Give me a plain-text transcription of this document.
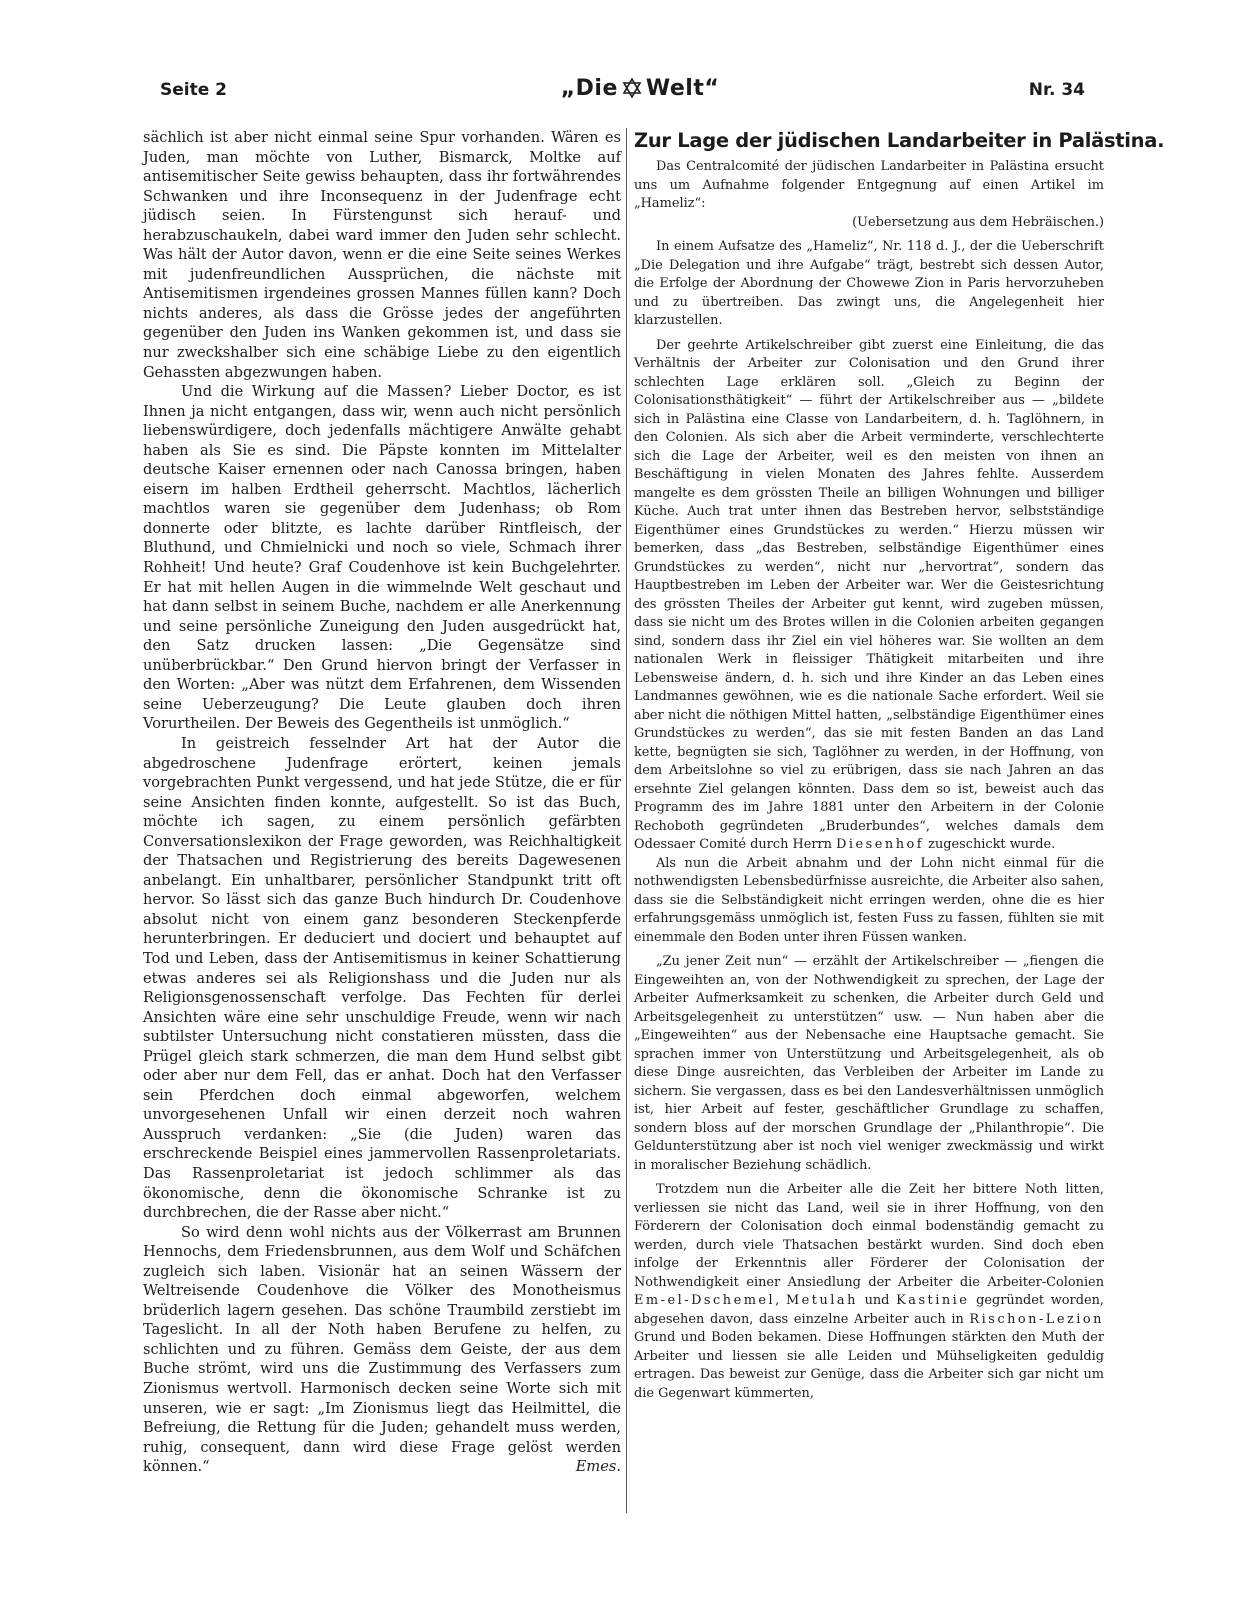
Seite 2	„Die Welt“	Nr. 34

sächlich ist aber nicht einmal seine Spur vorhanden. Wären es Juden, man möchte von Luther, Bismarck, Moltke auf antisemitischer Seite gewiss behaupten, dass ihr fortwährendes Schwanken und ihre Inconsequenz in der Judenfrage echt jüdisch seien. In Fürstengunst sich herauf- und herabzuschaukeln, dabei ward immer den Juden sehr schlecht. Was hält der Autor davon, wenn er die eine Seite seines Werkes mit judenfreundlichen Aussprüchen, die nächste mit Antisemitismen irgendeines grossen Mannes füllen kann? Doch nichts anderes, als dass die Grösse jedes der angeführten gegenüber den Juden ins Wanken gekommen ist, und dass sie nur zweckshalber sich eine schäbige Liebe zu den eigentlich Gehassten abgezwungen haben.

Und die Wirkung auf die Massen? Lieber Doctor, es ist Ihnen ja nicht entgangen, dass wir, wenn auch nicht persönlich liebenswürdigere, doch jedenfalls mächtigere Anwälte gehabt haben als Sie es sind. Die Päpste konnten im Mittelalter deutsche Kaiser ernennen oder nach Canossa bringen, haben eisern im halben Erdtheil geherrscht. Machtlos, lächerlich machtlos waren sie gegenüber dem Judenhass; ob Rom donnerte oder blitzte, es lachte darüber Rintfleisch, der Bluthund, und Chmielnicki und noch so viele, Schmach ihrer Rohheit! Und heute? Graf Coudenhove ist kein Buchgelehrter. Er hat mit hellen Augen in die wimmelnde Welt geschaut und hat dann selbst in seinem Buche, nachdem er alle Anerkennung und seine persönliche Zuneigung den Juden ausgedrückt hat, den Satz drucken lassen: „Die Gegensätze sind unüberbrückbar.“ Den Grund hiervon bringt der Verfasser in den Worten: „Aber was nützt dem Erfahrenen, dem Wissenden seine Ueberzeugung? Die Leute glauben doch ihren Vorurtheilen. Der Beweis des Gegentheils ist unmöglich.“

In geistreich fesselnder Art hat der Autor die abgedroschene Judenfrage erörtert, keinen jemals vorgebrachten Punkt vergessend, und hat jede Stütze, die er für seine Ansichten finden konnte, aufgestellt. So ist das Buch, möchte ich sagen, zu einem persönlich gefärbten Conversationslexikon der Frage geworden, was Reichhaltigkeit der Thatsachen und Registrierung des bereits Dagewesenen anbelangt. Ein unhaltbarer, persönlicher Standpunkt tritt oft hervor. So lässt sich das ganze Buch hindurch Dr. Coudenhove absolut nicht von einem ganz besonderen Steckenpferde herunterbringen. Er deduciert und dociert und behauptet auf Tod und Leben, dass der Antisemitismus in keiner Schattierung etwas anderes sei als Religionshass und die Juden nur als Religionsgenossenschaft verfolge. Das Fechten für derlei Ansichten wäre eine sehr unschuldige Freude, wenn wir nach subtilster Untersuchung nicht constatieren müssten, dass die Prügel gleich stark schmerzen, die man dem Hund selbst gibt oder aber nur dem Fell, das er anhat. Doch hat den Verfasser sein Pferdchen doch einmal abgeworfen, welchem unvorgesehenen Unfall wir einen derzeit noch wahren Ausspruch verdanken: „Sie (die Juden) waren das erschreckende Beispiel eines jammervollen Rassenproletariats. Das Rassenproletariat ist jedoch schlimmer als das ökonomische, denn die ökonomische Schranke ist zu durchbrechen, die der Rasse aber nicht.“

So wird denn wohl nichts aus der Völkerrast am Brunnen Hennochs, dem Friedensbrunnen, aus dem Wolf und Schäfchen zugleich sich laben. Visionär hat an seinen Wässern der Weltreisende Coudenhove die Völker des Monotheismus brüderlich lagern gesehen. Das schöne Traumbild zerstiebt im Tageslicht. In all der Noth haben Berufene zu helfen, zu schlichten und zu führen. Gemäss dem Geiste, der aus dem Buche strömt, wird uns die Zustimmung des Verfassers zum Zionismus wertvoll. Harmonisch decken seine Worte sich mit unseren, wie er sagt: „Im Zionismus liegt das Heilmittel, die Befreiung, die Rettung für die Juden; gehandelt muss werden, ruhig, consequent, dann wird diese Frage gelöst werden können.“	Emes.

Zur Lage der jüdischen Landarbeiter in Palästina.

Das Centralcomité der jüdischen Landarbeiter in Palästina ersucht uns um Aufnahme folgender Entgegnung auf einen Artikel im „Hameliz“:

(Uebersetzung aus dem Hebräischen.)

In einem Aufsatze des „Hameliz“, Nr. 118 d. J., der die Ueberschrift „Die Delegation und ihre Aufgabe“ trägt, bestrebt sich dessen Autor, die Erfolge der Abordnung der Chowewe Zion in Paris hervorzuheben und zu übertreiben. Das zwingt uns, die Angelegenheit hier klarzustellen.

Der geehrte Artikelschreiber gibt zuerst eine Einleitung, die das Verhältnis der Arbeiter zur Colonisation und den Grund ihrer schlechten Lage erklären soll. „Gleich zu Beginn der Colonisationsthätigkeit“ — führt der Artikelschreiber aus — „bildete sich in Palästina eine Classe von Landarbeitern, d. h. Taglöhnern, in den Colonien. Als sich aber die Arbeit verminderte, verschlechterte sich die Lage der Arbeiter, weil es den meisten von ihnen an Beschäftigung in vielen Monaten des Jahres fehlte. Ausserdem mangelte es dem grössten Theile an billigen Wohnungen und billiger Küche. Auch trat unter ihnen das Bestreben hervor, selbstständige Eigenthümer eines Grundstückes zu werden.“ Hierzu müssen wir bemerken, dass „das Bestreben, selbständige Eigenthümer eines Grundstückes zu werden“, nicht nur „hervortrat“, sondern das Hauptbestreben im Leben der Arbeiter war. Wer die Geistesrichtung des grössten Theiles der Arbeiter gut kennt, wird zugeben müssen, dass sie nicht um des Brotes willen in die Colonien arbeiten gegangen sind, sondern dass ihr Ziel ein viel höheres war. Sie wollten an dem nationalen Werk in fleissiger Thätigkeit mitarbeiten und ihre Lebensweise ändern, d. h. sich und ihre Kinder an das Leben eines Landmannes gewöhnen, wie es die nationale Sache erfordert. Weil sie aber nicht die nöthigen Mittel hatten, „selbständige Eigenthümer eines Grundstückes zu werden“, das sie mit festen Banden an das Land kette, begnügten sie sich, Taglöhner zu werden, in der Hoffnung, von dem Arbeitslohne so viel zu erübrigen, dass sie nach Jahren an das ersehnte Ziel gelangen könnten. Dass dem so ist, beweist auch das Programm des im Jahre 1881 unter den Arbeitern in der Colonie Rechoboth gegründeten „Bruderbundes“, welches damals dem Odessaer Comité durch Herrn Diesenhof zugeschickt wurde.

Als nun die Arbeit abnahm und der Lohn nicht einmal für die nothwendigsten Lebensbedürfnisse ausreichte, die Arbeiter also sahen, dass sie die Selbständigkeit nicht erringen werden, ohne die es hier erfahrungsgemäss unmöglich ist, festen Fuss zu fassen, fühlten sie mit einemmale den Boden unter ihren Füssen wanken.

„Zu jener Zeit nun“ — erzählt der Artikelschreiber — „fiengen die Eingeweihten an, von der Nothwendigkeit zu sprechen, der Lage der Arbeiter Aufmerksamkeit zu schenken, die Arbeiter durch Geld und Arbeitsgelegenheit zu unterstützen“ usw. — Nun haben aber die „Eingeweihten“ aus der Nebensache eine Hauptsache gemacht. Sie sprachen immer von Unterstützung und Arbeitsgelegenheit, als ob diese Dinge ausreichten, das Verbleiben der Arbeiter im Lande zu sichern. Sie vergassen, dass es bei den Landesverhältnissen unmöglich ist, hier Arbeit auf fester, geschäftlicher Grundlage zu schaffen, sondern bloss auf der morschen Grundlage der „Philanthropie“. Die Geldunterstützung aber ist noch viel weniger zweckmässig und wirkt in moralischer Beziehung schädlich.

Trotzdem nun die Arbeiter alle die Zeit her bittere Noth litten, verliessen sie nicht das Land, weil sie in ihrer Hoffnung, von den Förderern der Colonisation doch einmal bodenständig gemacht zu werden, durch viele Thatsachen bestärkt wurden. Sind doch eben infolge der Erkenntnis aller Förderer der Colonisation der Nothwendigkeit einer Ansiedlung der Arbeiter die Arbeiter-Colonien Em-el-Dschemel, Metulah und Kastinie gegründet worden, abgesehen davon, dass einzelne Arbeiter auch in Rischon-Lezion Grund und Boden bekamen. Diese Hoffnungen stärkten den Muth der Arbeiter und liessen sie alle Leiden und Mühseligkeiten geduldig ertragen. Das beweist zur Genüge, dass die Arbeiter sich gar nicht um die Gegenwart kümmerten,
